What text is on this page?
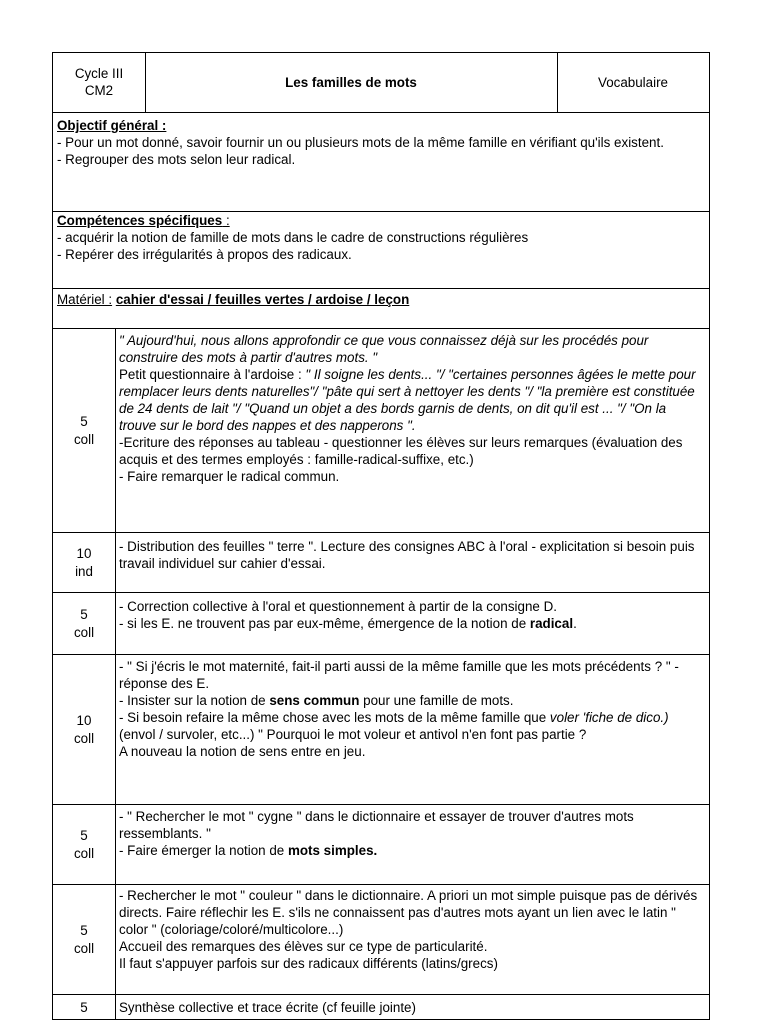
Cycle III
CM2
Les familles de mots	Vocabulaire
Objectif général :
- Pour un mot donné, savoir fournir un ou plusieurs mots de la même famille en vérifiant qu'ils existent.
- Regrouper des mots selon leur radical.
Compétences spécifiques :
- acquérir la notion de famille de mots dans le cadre de constructions régulières
- Repérer des irrégularités à propos des radicaux.
Matériel : cahier d'essai / feuilles vertes / ardoise / leçon
5
coll

" Aujourd'hui, nous allons approfondir ce que vous connaissez déjà sur les procédés pour construire des mots à partir d'autres mots. "

Petit questionnaire à l'ardoise : " Il soigne les dents... "/ "certaines personnes âgées le mette pour remplacer leurs dents naturelles"/ "pâte qui sert à nettoyer les dents "/ "la première est constituée de 24 dents de lait "/ "Quand un objet a des bords garnis de dents, on dit qu'il est ... "/ "On la trouve sur le bord des nappes et des napperons ".

-Ecriture des réponses au tableau - questionner les élèves sur leurs remarques (évaluation des acquis et des termes employés : famille-radical-suffixe, etc.)

- Faire remarquer le radical commun.

10
ind

- Distribution des feuilles " terre ". Lecture des consignes ABC à l'oral - explicitation si besoin puis travail individuel sur cahier d'essai.

5
coll

- Correction collective à l'oral et questionnement à partir de la consigne D.

- si les E. ne trouvent pas par eux-même, émergence de la notion de radical.

10
coll

- " Si j'écris le mot maternité, fait-il parti aussi de la même famille que les mots précédents ? " - réponse des E.

- Insister sur la notion de sens commun pour une famille de mots.

- Si besoin refaire la même chose avec les mots de la même famille que voler 'fiche de dico.) (envol / survoler, etc...) " Pourquoi le mot voleur et antivol n'en font pas partie ?

A nouveau la notion de sens entre en jeu.

5
coll

- " Rechercher le mot " cygne " dans le dictionnaire et essayer de trouver d'autres mots ressemblants. "

- Faire émerger la notion de mots simples.

5
coll

- Rechercher le mot " couleur " dans le dictionnaire. A priori un mot simple puisque pas de dérivés directs. Faire réflechir les E. s'ils ne connaissent pas d'autres mots ayant un lien avec le latin " color " (coloriage/coloré/multicolore...)

Accueil des remarques des élèves sur ce type de particularité.

Il faut s'appuyer parfois sur des radicaux différents (latins/grecs)

5 Synthèse collective et trace écrite (cf feuille jointe)
